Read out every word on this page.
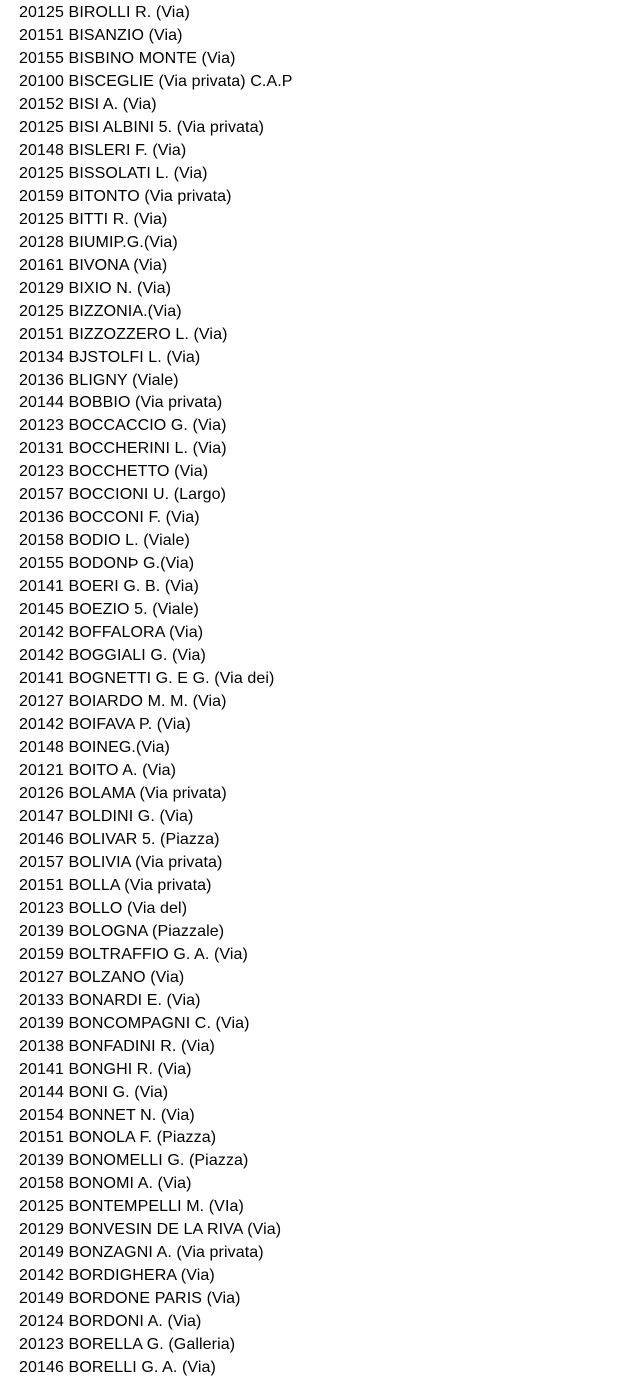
20125 BIROLLI R. (Via)
20151 BISANZIO (Via)
20155 BISBINO MONTE (Via)
20100 BISCEGLIE (Via privata) C.A.P
20152 BISI A. (Via)
20125 BISI ALBINI 5. (Via privata)
20148 BISLERI F. (Via)
20125 BISSOLATI L. (Via)
20159 BITONTO (Via privata)
20125 BITTI R. (Via)
20128 BIUMIP.G.(Via)
20161 BIVONA (Via)
20129 BIXIO N. (Via)
20125 BIZZONIA.(Via)
20151 BIZZOZZERO L. (Via)
20134 BJSTOLFI L. (Via)
20136 BLIGNY (Viale)
20144 BOBBIO (Via privata)
20123 BOCCACCIO G. (Via)
20131 BOCCHERINI L. (Via)
20123 BOCCHETTO (Via)
20157 BOCCIONI U. (Largo)
20136 BOCCONI F. (Via)
20158 BODIO L. (Viale)
20155 BODONÞ G.(Via)
20141 BOERI G. B. (Via)
20145 BOEZIO 5. (Viale)
20142 BOFFALORA (Via)
20142 BOGGIALI G. (Via)
20141 BOGNETTI G. E G. (Via dei)
20127 BOIARDO M. M. (Via)
20142 BOIFAVA P. (Via)
20148 BOINEG.(Via)
20121 BOITO A. (Via)
20126 BOLAMA (Via privata)
20147 BOLDINI G. (Via)
20146 BOLIVAR 5. (Piazza)
20157 BOLIVIA (Via privata)
20151 BOLLA (Via privata)
20123 BOLLO (Via del)
20139 BOLOGNA (Piazzale)
20159 BOLTRAFFIO G. A. (Via)
20127 BOLZANO (Via)
20133 BONARDI E. (Via)
20139 BONCOMPAGNI C. (Via)
20138 BONFADINI R. (Via)
20141 BONGHI R. (Via)
20144 BONI G. (Via)
20154 BONNET N. (Via)
20151 BONOLA F. (Piazza)
20139 BONOMELLI G. (Piazza)
20158 BONOMI A. (Via)
20125 BONTEMPELLI M. (VIa)
20129 BONVESIN DE LA RIVA (Via)
20149 BONZAGNI A. (Via privata)
20142 BORDIGHERA (Via)
20149 BORDONE PARIS (Via)
20124 BORDONI A. (Via)
20123 BORELLA G. (Galleria)
20146 BORELLI G. A. (Via)
